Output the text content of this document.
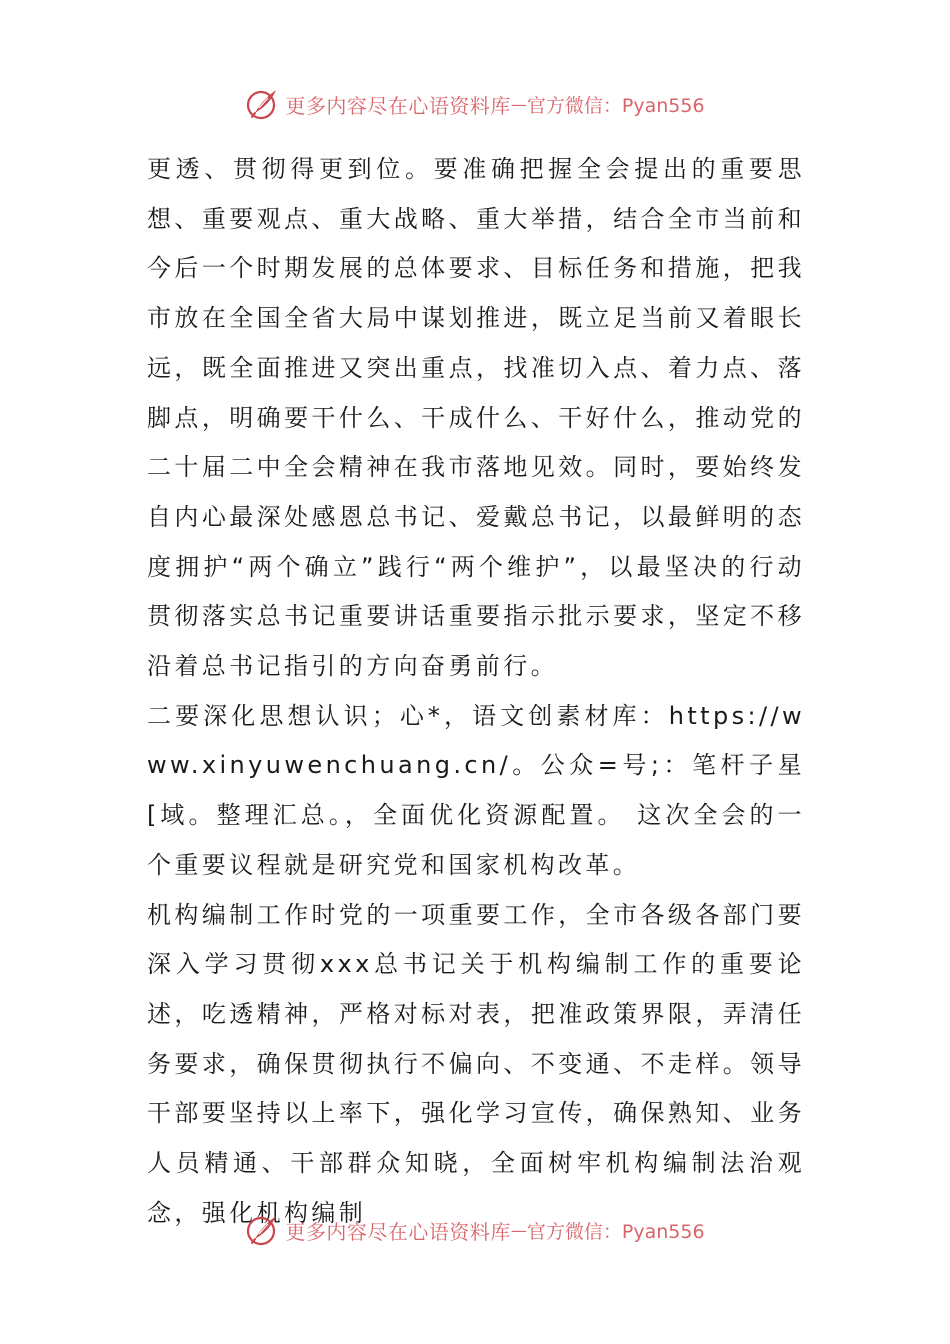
更多内容尽在心语资料库 — 官方微信：Pyan556

更透、贯彻得更到位。要准确把握全会提出的重要思想、重要观点、重大战略、重大举措，结合全市当前和今后一个时期发展的总体要求、目标任务和措施，把我市放在全国全省大局中谋划推进，既立足当前又着眼长远，既全面推进又突出重点，找准切入点、着力点、落脚点，明确要干什么、干成什么、干好什么，推动党的二十届二中全会精神在我市落地见效。同时，要始终发自内心最深处感恩总书记、爱戴总书记，以最鲜明的态度拥护“两个确立”践行“两个维护”，以最坚决的行动贯彻落实总书记重要讲话重要指示批示要求，坚定不移沿着总书记指引的方向奋勇前行。

二要深化思想认识；心*，语文创素材库：https://www.xinyuwenchuang.cn/。公众=号;：笔杆子星[域。整理汇总。，全面优化资源配置。 这次全会的一个重要议程就是研究党和国家机构改革。

机构编制工作时党的一项重要工作，全市各级各部门要深入学习贯彻xxx总书记关于机构编制工作的重要论述，吃透精神，严格对标对表，把准政策界限，弄清任务要求，确保贯彻执行不偏向、不变通、不走样。领导干部要坚持以上率下，强化学习宣传，确保熟知、业务人员精通、干部群众知晓，全面树牢机构编制法治观念，强化机构编制

更多内容尽在心语资料库 — 官方微信：Pyan556
